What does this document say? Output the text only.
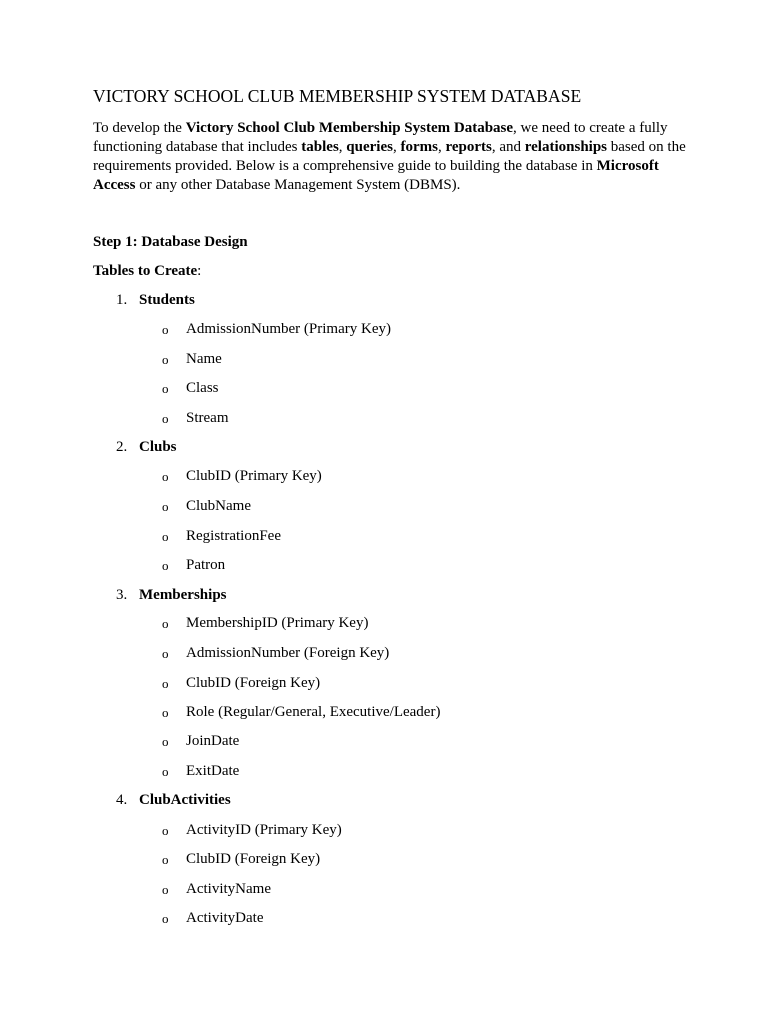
VICTORY SCHOOL CLUB MEMBERSHIP SYSTEM DATABASE

To develop the Victory School Club Membership System Database, we need to create a fully functioning database that includes tables, queries, forms, reports, and relationships based on the requirements provided. Below is a comprehensive guide to building the database in Microsoft Access or any other Database Management System (DBMS).

Step 1: Database Design

Tables to Create:

1. Students
o AdmissionNumber (Primary Key)
o Name
o Class
o Stream
2. Clubs
o ClubID (Primary Key)
o ClubName
o RegistrationFee
o Patron
3. Memberships
o MembershipID (Primary Key)
o AdmissionNumber (Foreign Key)
o ClubID (Foreign Key)
o Role (Regular/General, Executive/Leader)
o JoinDate
o ExitDate
4. ClubActivities
o ActivityID (Primary Key)
o ClubID (Foreign Key)
o ActivityName
o ActivityDate
